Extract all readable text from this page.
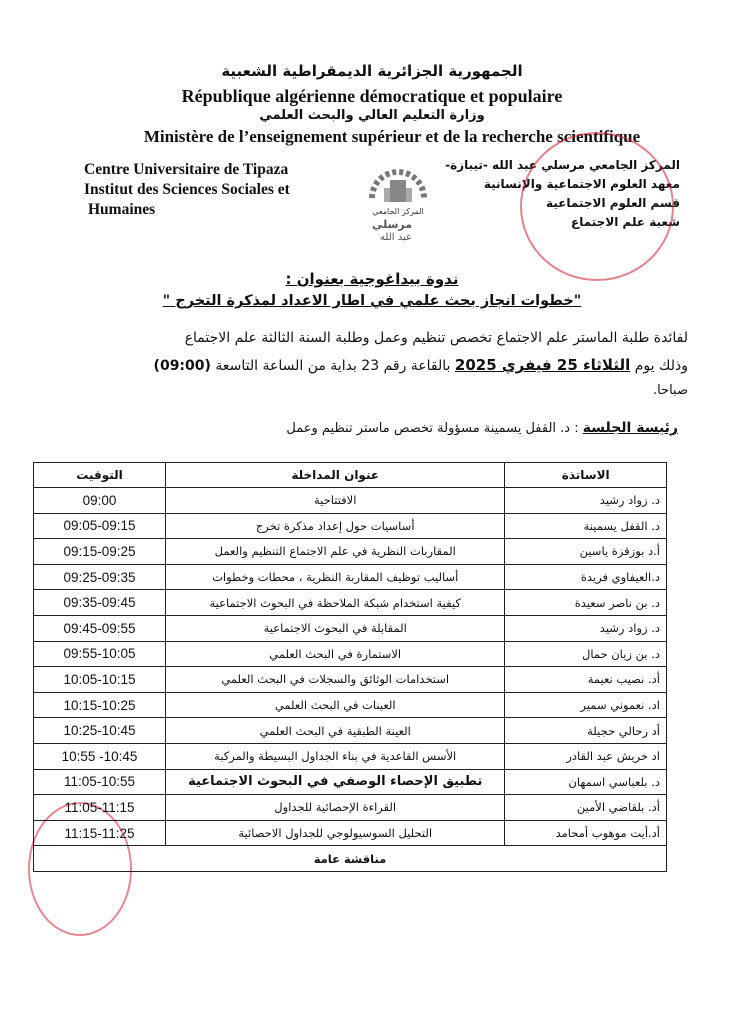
الجمهورية الجزائرية الديمقراطية الشعبية
République algérienne démocratique et populaire
وزارة التعليم العالي والبحث العلمي
Ministère de l’enseignement supérieur et de la recherche scientifique
Centre Universitaire de Tipaza
Institut des Sciences Sociales et
Humaines	المركز الجامعي
مرسلي
عبد الله
المركز الجامعي مرسلي عبد الله -تيبازة-
معهد العلوم الاجتماعية والإنسانية
قسم العلوم الاجتماعية
شعبة علم الاجتماع
ندوة بيداغوجية بعنوان :
"خطوات انجاز بحث علمي في اطار الاعداد لمذكرة التخرج "
لفائدة طلبة الماستر علم الاجتماع تخصص تنظيم وعمل وطلبة السنة الثالثة علم الاجتماع
وذلك يوم الثلاثاء 25 فيفري 2025 بالقاعة رقم 23 بداية من الساعة التاسعة (09:00)
صباحا.
رئيسة الجلسة : د. القفل يسمينة مسؤولة تخصص ماستر تنظيم وعمل
الاساتذة	عنوان المداخلة	التوقيت
د. زواد رشيد	الافتتاحية	09:00
د. القفل يسمينة	أساسيات حول إعداد مذكرة تخرج	09:05-09:15
أ.د بوزقزة ياسين	المقاربات النظرية في علم الاجتماع التنظيم والعمل	09:15-09:25
د.العيفاوي فريدة	أساليب توظيف المقاربة النظرية ، محطات وخطوات	09:25-09:35
د. بن ناصر سعيدة	كيفية استخدام شبكة الملاحظة في البحوث الاجتماعية	09:35-09:45
د. زواد رشيد	المقابلة في البحوث الاجتماعية	09:45-09:55
د. بن زيان حمال	الاستمارة في البحث العلمي	09:55-10:05
أد. نصيب نعيمة	استخدامات الوثائق والسجلات في البحث العلمي	10:05-10:15
اد. نعموني سمير	العينات في البحث العلمي	10:15-10:25
أد رحالي حجيلة	العينة الطبقية في البحث العلمي	10:25-10:45
اد خريش عبد القادر	الأسس القاعدية في بناء الجداول البسيطة والمركبة	10:55 -10:45
د. بلعباسي اسمهان	تطبيق الإحصاء الوصفي في البحوث الاجتماعية	11:05-10:55
أد. بلقاضي الأمين	القراءة الإحصائية للجداول	11:05-11:15
أد.أيت موهوب أمحامد	التحليل السوسيولوجي للجداول الاحصائية	11:15-11:25
مناقشة عامة		
